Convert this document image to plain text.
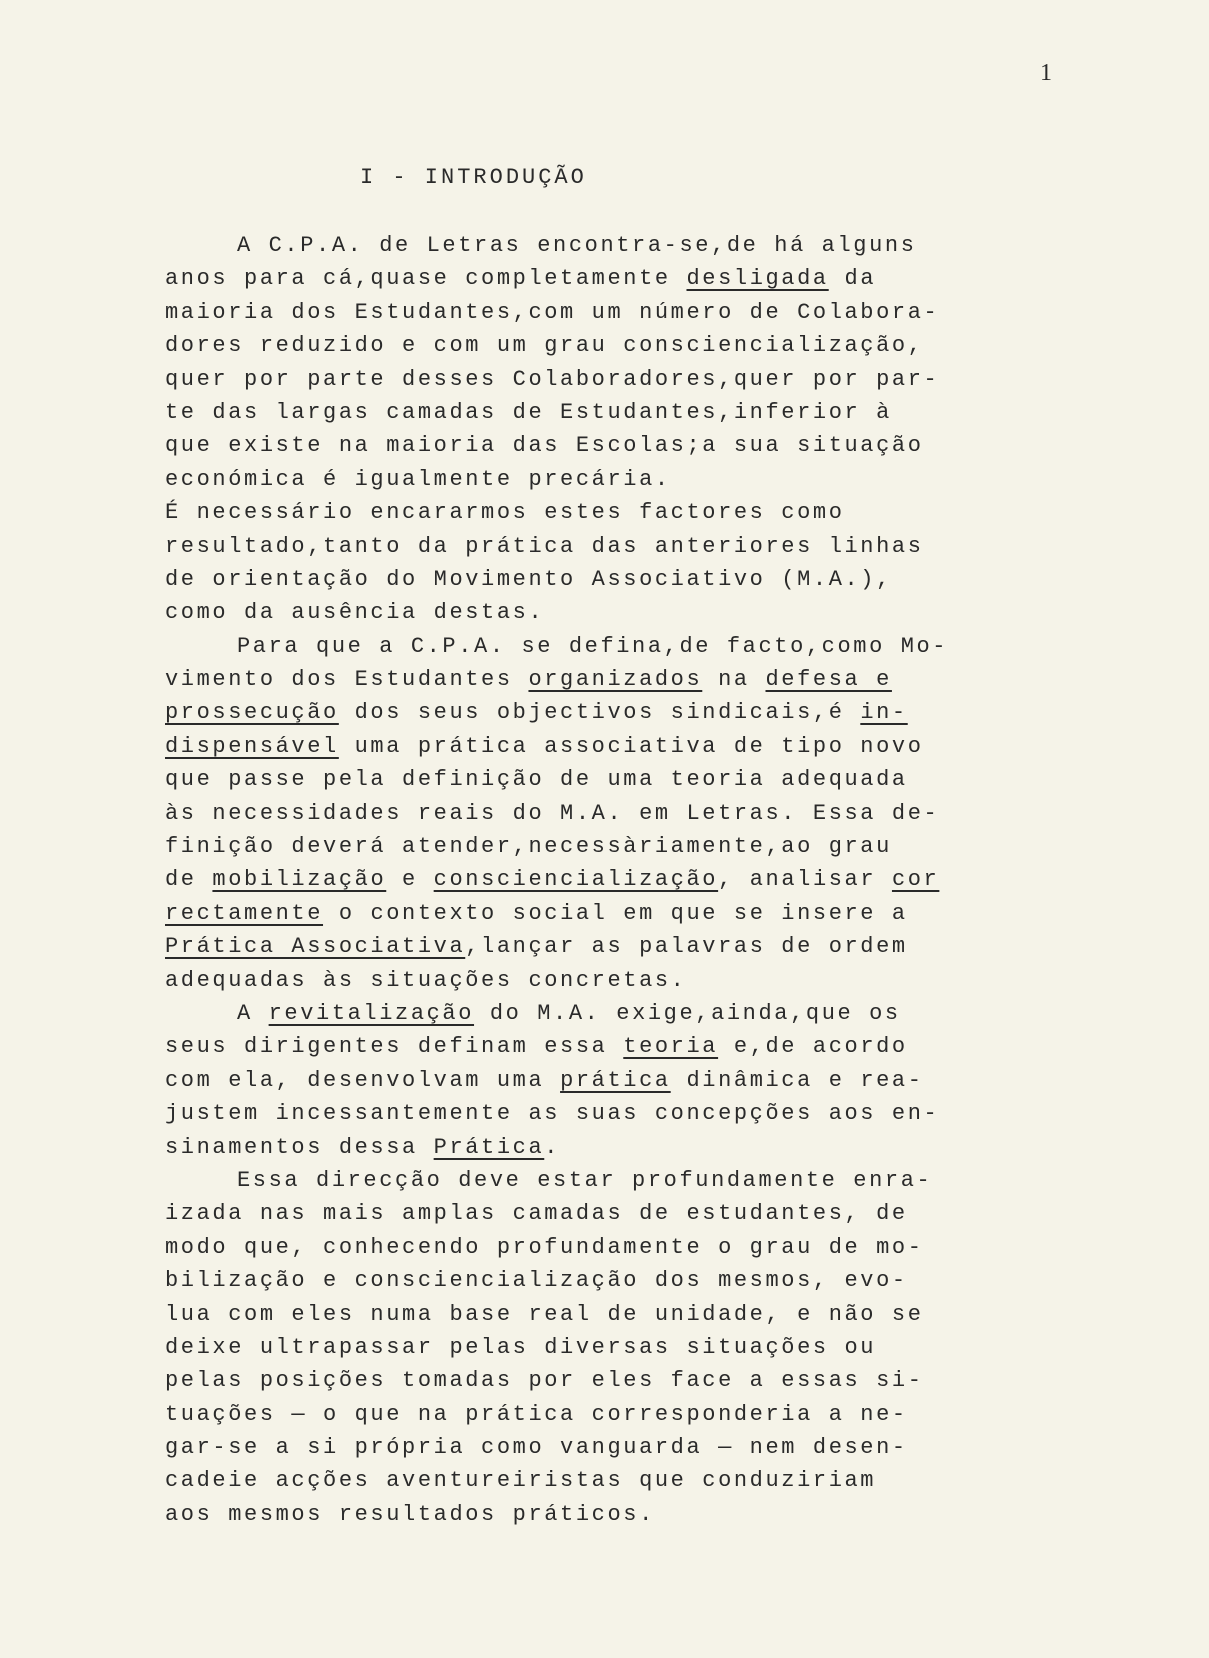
1
I - INTRODUÇÃO
A C.P.A. de Letras encontra-se,de há alguns
anos para cá,quase completamente desligada da
maioria dos Estudantes,com um número de Colabora-
dores reduzido e com um grau consciencialização,
quer por parte desses Colaboradores,quer por par-
te das largas camadas de Estudantes,inferior à
que existe na maioria das Escolas;a sua situação
económica é igualmente precária.
É necessário encararmos estes factores como
resultado,tanto da prática das anteriores linhas
de orientação do Movimento Associativo (M.A.),
como da ausência destas.
Para que a C.P.A. se defina,de facto,como Mo-
vimento dos Estudantes organizados na defesa e
prossecução dos seus objectivos sindicais,é in-
dispensável uma prática associativa de tipo novo
que passe pela definição de uma teoria adequada
às necessidades reais do M.A. em Letras. Essa de-
finição deverá atender,necessàriamente,ao grau
de mobilização e consciencialização, analisar cor
rectamente o contexto social em que se insere a
Prática Associativa,lançar as palavras de ordem
adequadas às situações concretas.
A revitalização do M.A. exige,ainda,que os
seus dirigentes definam essa teoria e,de acordo
com ela, desenvolvam uma prática dinâmica e rea-
justem incessantemente as suas concepções aos en-
sinamentos dessa Prática.
Essa direcção deve estar profundamente enra-
izada nas mais amplas camadas de estudantes, de
modo que, conhecendo profundamente o grau de mo-
bilização e consciencialização dos mesmos, evo-
lua com eles numa base real de unidade, e não se
deixe ultrapassar pelas diversas situações ou
pelas posições tomadas por eles face a essas si-
tuações — o que na prática corresponderia a ne-
gar-se a si própria como vanguarda — nem desen-
cadeie acções aventureiristas que conduziriam
aos mesmos resultados práticos.
